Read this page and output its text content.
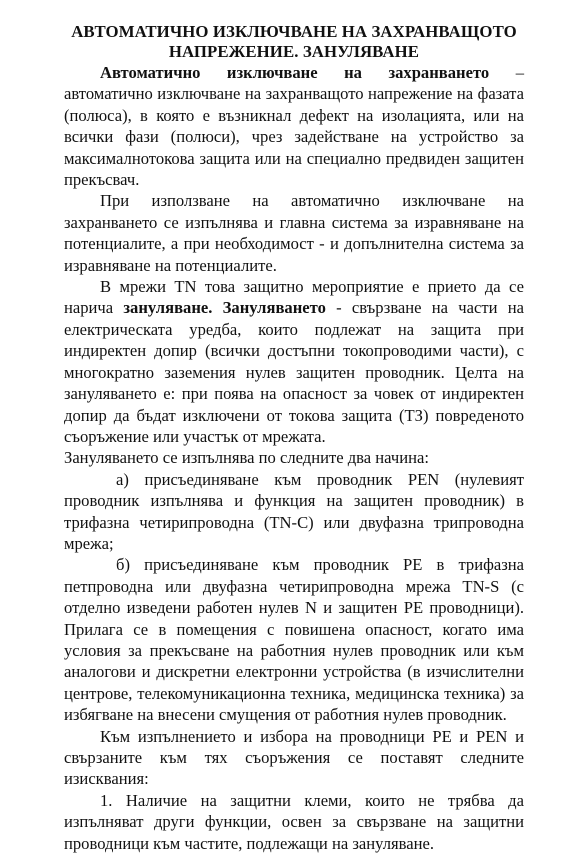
АВТОМАТИЧНО ИЗКЛЮЧВАНЕ НА ЗАХРАНВАЩОТО
НАПРЕЖЕНИЕ. ЗАНУЛЯВАНЕ

Автоматично изключване на захранването – автоматично изключване на захранващото напрежение на фазата (полюса), в която е възникнал дефект на изолацията, или на всички фази (полюси), чрез задействане на устройство за максималнотокова защита или на специално предвиден защитен прекъсвач.

При използване на автоматично изключване на захранването се изпълнява и главна система за изравняване на потенциалите, а при необходимост - и допълнителна система за изравняване на потенциалите.

В мрежи TN това защитно мероприятие е прието да се нарича зануляване. Зануляването - свързване на части на електрическата уредба, които подлежат на защита при индиректен допир (всички достъпни токопроводими части), с многократно заземения нулев защитен проводник. Целта на зануляването е: при поява на опасност за човек от индиректен допир да бъдат изключени от токова защита (ТЗ) повреденото съоръжение или участък от мрежата.

Зануляването се изпълнява по следните два начина:

а) присъединяване към проводник PEN (нулевият проводник изпълнява и функция на защитен проводник) в трифазна четирипроводна (TN-C) или двуфазна трипроводна мрежа;

б) присъединяване към проводник PE в трифазна петпроводна или двуфазна четирипроводна мрежа TN-S (с отделно изведени работен нулев N и защитен PE проводници). Прилага се в помещения с повишена опасност, когато има условия за прекъсване на работния нулев проводник или към аналогови и дискретни електронни устройства (в изчислителни центрове, телекомуникационна техника, медицинска техника) за избягване на внесени смущения от работния нулев проводник.

Към изпълнението и избора на проводници PE и PEN и свързаните към тях съоръжения се поставят следните изисквания:

1. Наличие на защитни клеми, които не трябва да изпълняват други функции, освен за свързване на защитни проводници към частите, подлежащи на зануляване.
